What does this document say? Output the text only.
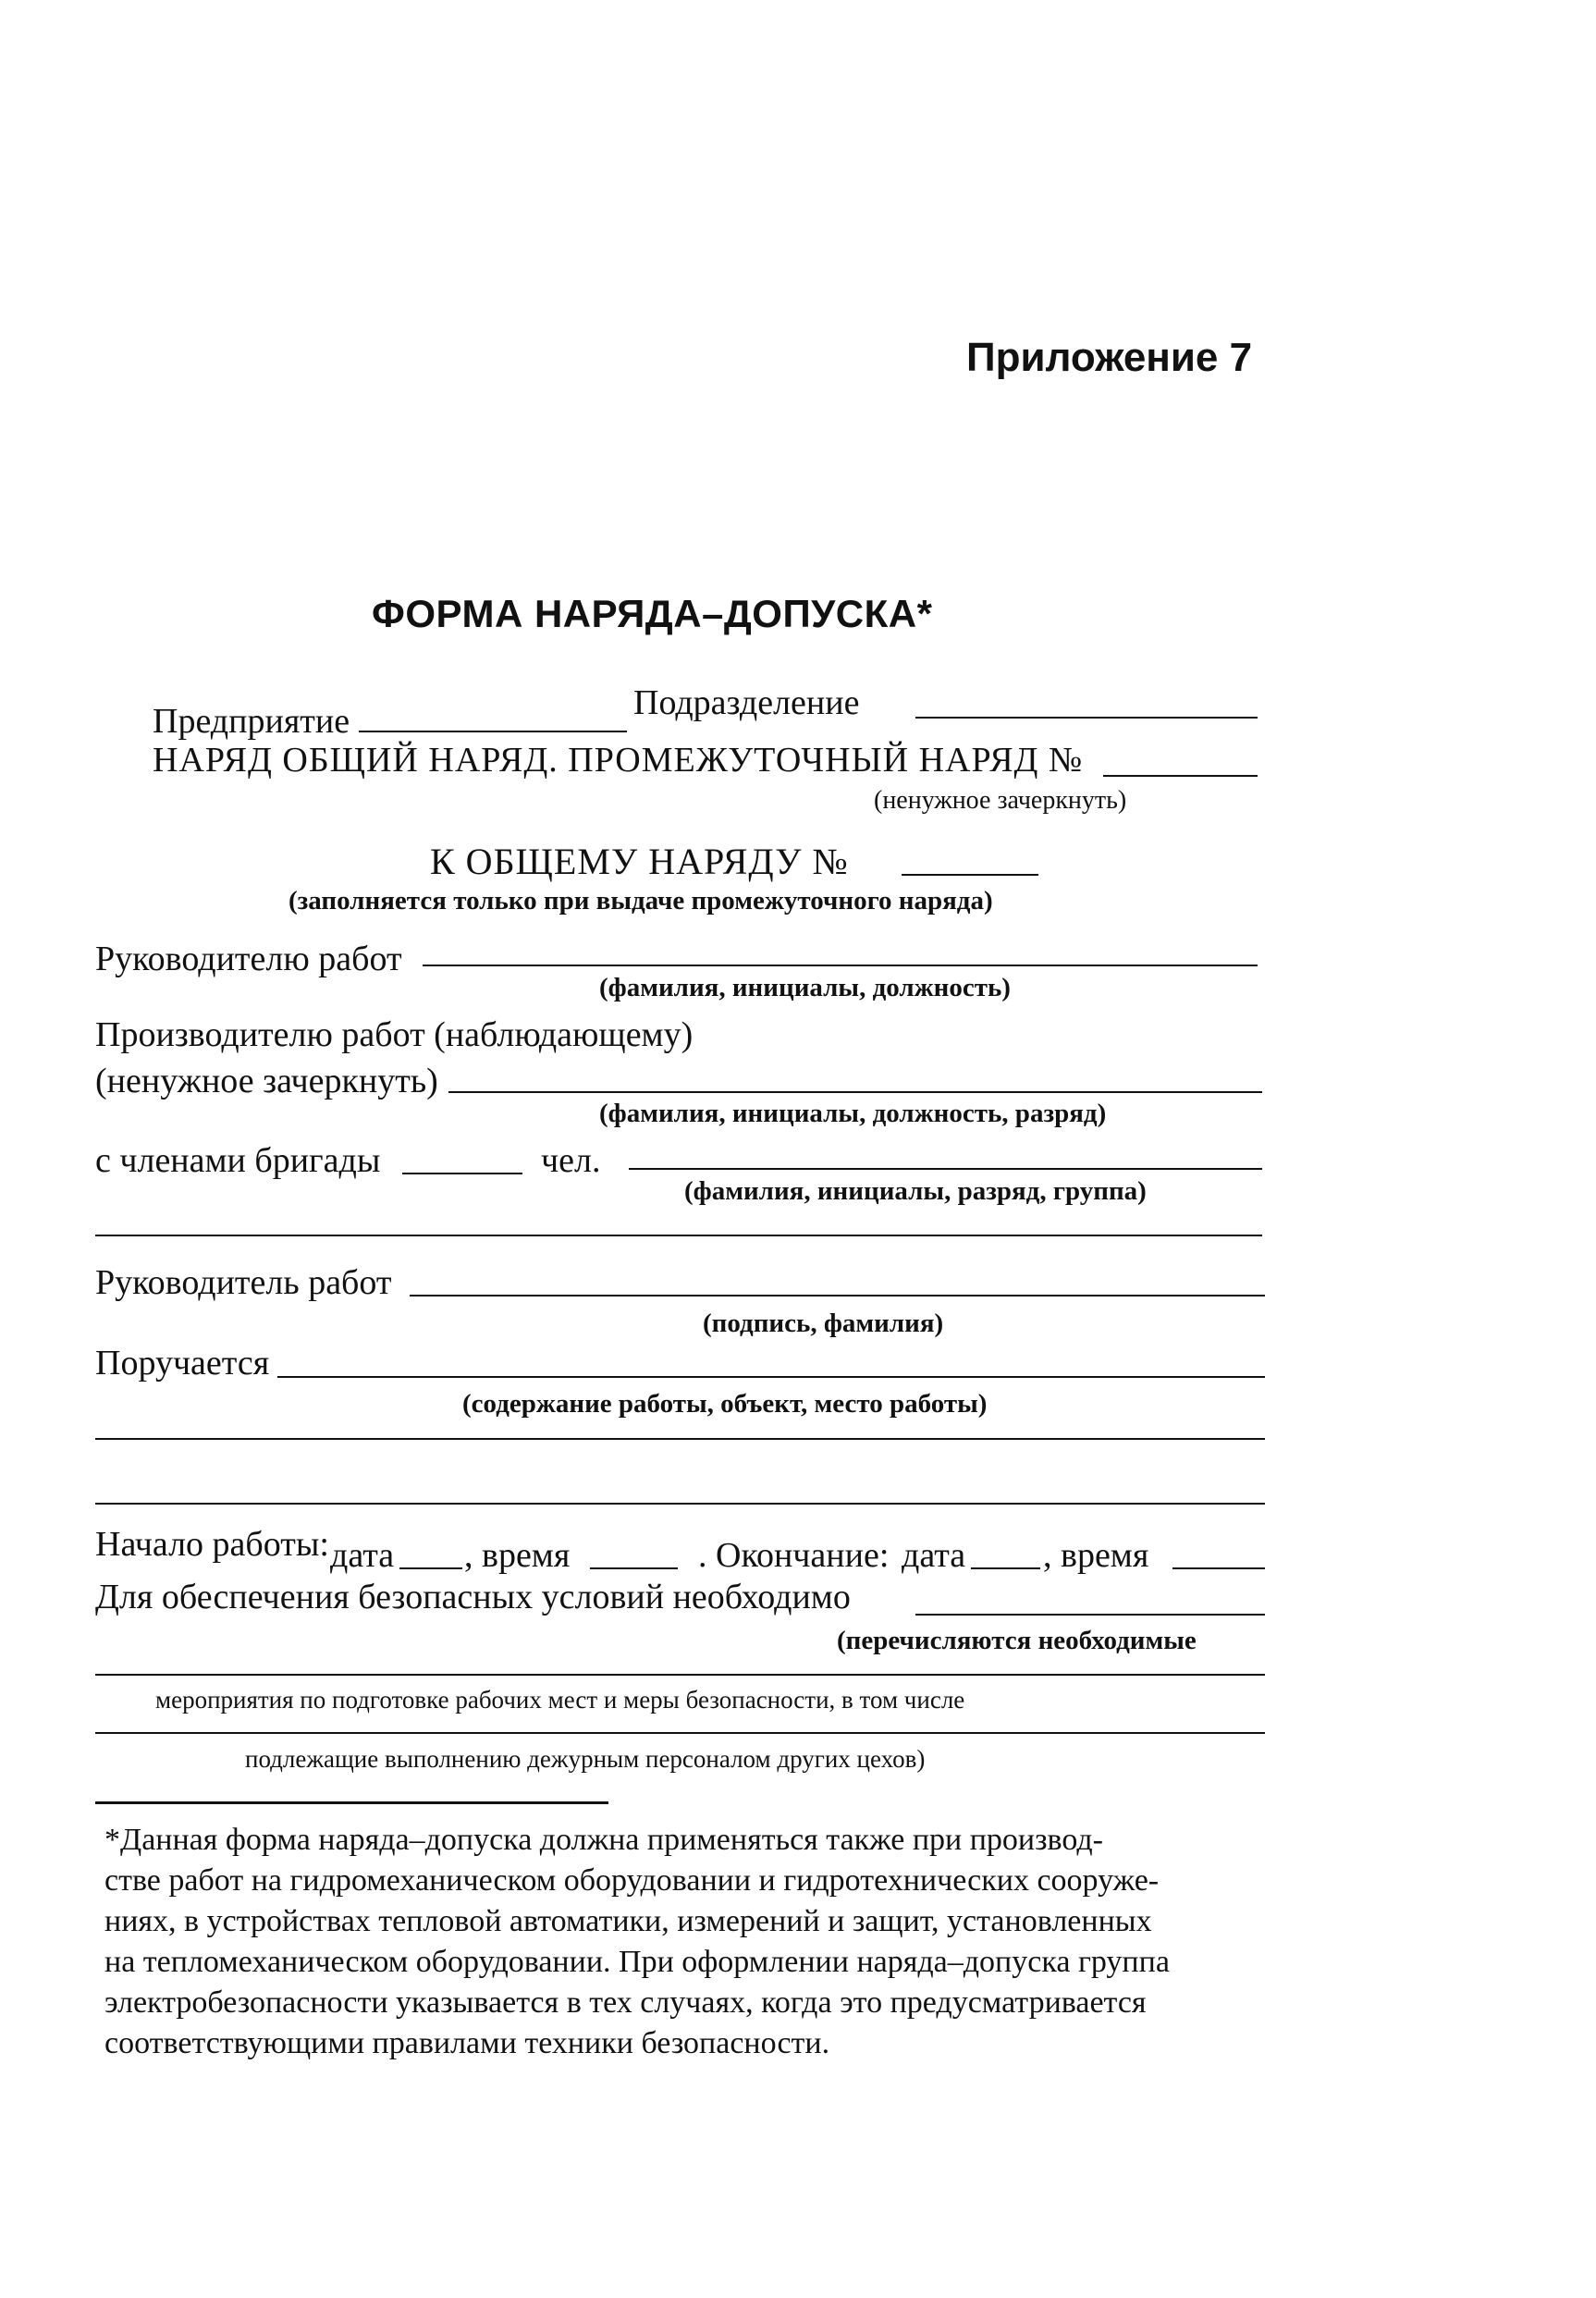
Приложение 7
ФОРМА НАРЯДА–ДОПУСКА*
Предприятие	Подразделение
НАРЯД ОБЩИЙ НАРЯД. ПРОМЕЖУТОЧНЫЙ НАРЯД №
(ненужное зачеркнуть)
К ОБЩЕМУ НАРЯДУ №
(заполняется только при выдаче промежуточного наряда)
Руководителю работ
(фамилия, инициалы, должность)
Производителю работ (наблюдающему)
(ненужное зачеркнуть)
(фамилия, инициалы, должность, разряд)
с членами бригады	чел.
(фамилия, инициалы, разряд, группа)
Руководитель работ
(подпись, фамилия)
Поручается
(содержание работы, объект, место работы)
Начало работы: дата , время	. Окончание: дата , время
Для обеспечения безопасных условий необходимо
(перечисляются необходимые
мероприятия по подготовке рабочих мест и меры безопасности, в том числе
подлежащие выполнению дежурным персоналом других цехов)
*Данная форма наряда–допуска должна применяться также при производ-
стве работ на гидромеханическом оборудовании и гидротехнических сооруже-
ниях, в устройствах тепловой автоматики, измерений и защит, установленных
на тепломеханическом оборудовании. При оформлении наряда–допуска группа
электробезопасности указывается в тех случаях, когда это предусматривается
соответствующими правилами техники безопасности.
